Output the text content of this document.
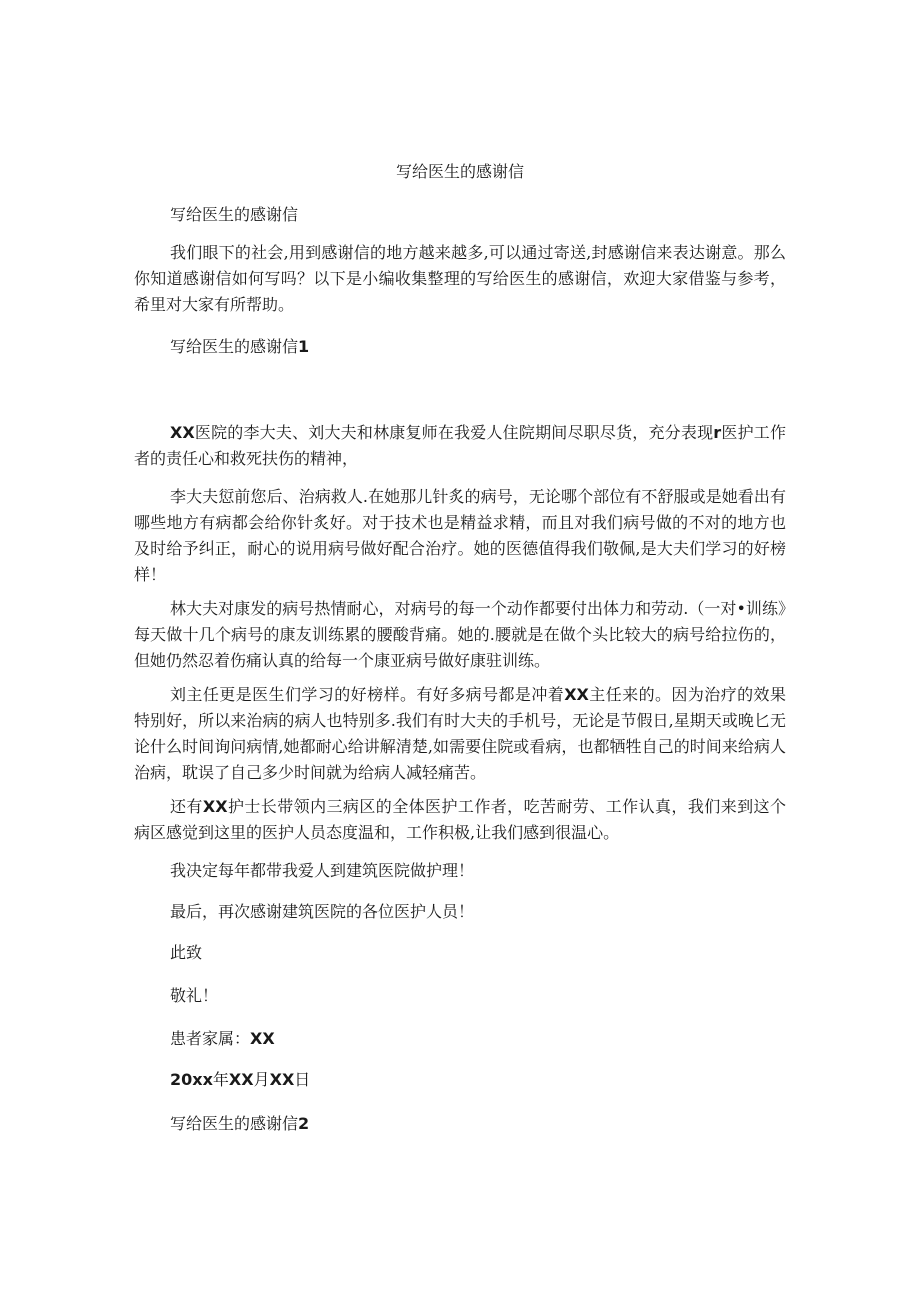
写给医生的感谢信
写给医生的感谢信
我们眼下的社会,用到感谢信的地方越来越多,可以通过寄送,封感谢信来表达谢意。那么你知道感谢信如何写吗？以下是小编收集整理的写给医生的感谢信，欢迎大家借鉴与参考，希里对大家有所帮助。
写给医生的感谢信1
XX医院的李大夫、刘大夫和林康复师在我爱人住院期间尽职尽货，充分表现r医护工作者的责任心和救死扶伤的精神，
李大夫愆前您后、治病救人.在她那儿针炙的病号，无论哪个部位有不舒服或是她看出有哪些地方有病都会给你针炙好。对于技术也是精益求精，而且对我们病号做的不对的地方也及时给予纠正，耐心的说用病号做好配合治疗。她的医德值得我们敬佩,是大夫们学习的好榜样！
林大夫对康发的病号热情耐心，对病号的每一个动作都要付出体力和劳动.（一对•训练》每天做十几个病号的康友训练累的腰酸背痛。她的.腰就是在做个头比较大的病号给拉伤的，但她仍然忍着伤痛认真的给每一个康亚病号做好康驻训练。
刘主任更是医生们学习的好榜样。有好多病号都是冲着XX主任来的。因为治疗的效果特别好，所以来治病的病人也特别多.我们有时大夫的手机号，无论是节假日,星期天或晚匕无论什么时间询问病情,她都耐心给讲解清楚,如需要住院或看病，也都牺牲自己的时间来给病人治病，耽误了自己多少时间就为给病人减轻痛苦。
还有XX护士长带领内三病区的全体医护工作者，吃苦耐劳、工作认真，我们来到这个病区感觉到这里的医护人员态度温和，工作积极,让我们感到很温心。
我决定每年都带我爱人到建筑医院做护理！
最后，再次感谢建筑医院的各位医护人员！
此致
敬礼！
患者家属：XX
20xx年XX月XX日
写给医生的感谢信2
